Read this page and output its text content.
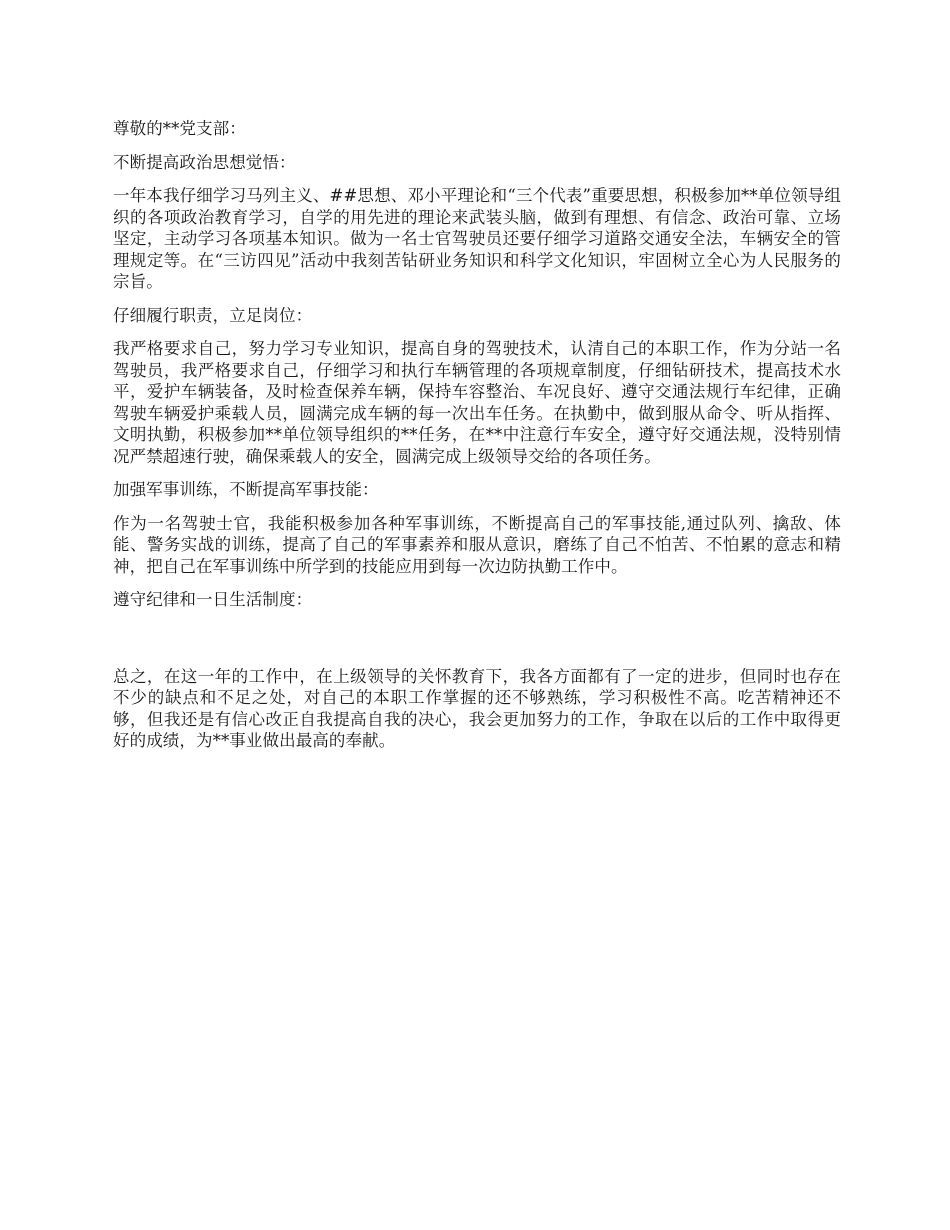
尊敬的**党支部：

不断提高政治思想觉悟：

一年本我仔细学习马列主义、##思想、邓小平理论和“三个代表”重要思想，积极参加**单位领导组织的各项政治教育学习，自学的用先进的理论来武装头脑，做到有理想、有信念、政治可靠、立场坚定，主动学习各项基本知识。做为一名士官驾驶员还要仔细学习道路交通安全法，车辆安全的管理规定等。在“三访四见”活动中我刻苦钻研业务知识和科学文化知识，牢固树立全心为人民服务的宗旨。

仔细履行职责，立足岗位：

我严格要求自己，努力学习专业知识，提高自身的驾驶技术，认清自己的本职工作，作为分站一名驾驶员，我严格要求自己，仔细学习和执行车辆管理的各项规章制度，仔细钻研技术，提高技术水平，爱护车辆装备，及时检查保养车辆，保持车容整治、车况良好、遵守交通法规行车纪律，正确驾驶车辆爱护乘载人员，圆满完成车辆的每一次出车任务。在执勤中，做到服从命令、听从指挥、文明执勤，积极参加**单位领导组织的**任务，在**中注意行车安全，遵守好交通法规，没特别情况严禁超速行驶，确保乘载人的安全，圆满完成上级领导交给的各项任务。

加强军事训练，不断提高军事技能：

作为一名驾驶士官，我能积极参加各种军事训练，不断提高自己的军事技能,通过队列、擒敌、体能、警务实战的训练，提高了自己的军事素养和服从意识，磨练了自己不怕苦、不怕累的意志和精神，把自己在军事训练中所学到的技能应用到每一次边防执勤工作中。

遵守纪律和一日生活制度：

总之，在这一年的工作中，在上级领导的关怀教育下，我各方面都有了一定的进步，但同时也存在不少的缺点和不足之处，对自己的本职工作掌握的还不够熟练，学习积极性不高。吃苦精神还不够，但我还是有信心改正自我提高自我的决心，我会更加努力的工作，争取在以后的工作中取得更好的成绩，为**事业做出最高的奉献。
